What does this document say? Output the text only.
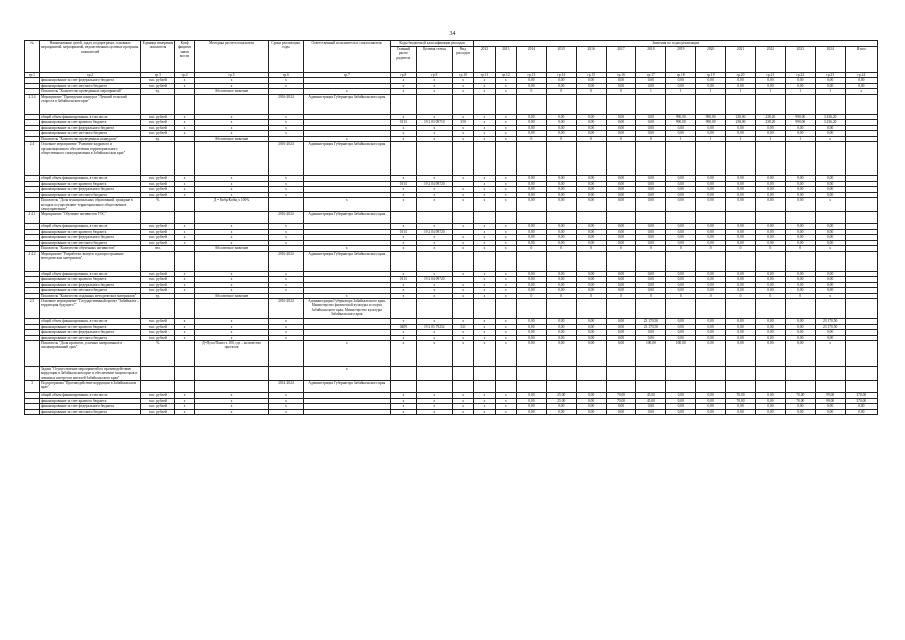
34
№	Наименование целей, задач, подпрограмм, основных мероприятий, мероприятий, ведомственных целевых программ, показателей	Единица измерения показателя	Коэф фициент значи мости	Методика расчета показателя	Сроки реализации, годы	Ответственный исполнитель и соисполнитель	Коды бюджетной классификации расходов			Значения по годам реализации													
							Главный распо рядитель	Целевая статья	Вид расходов	2012	2013	2014	2015	2016	2017	2018	2019	2020	2021	2022	2023	2024	Итого

гр.1	гр.2	гр.3	гр.4	гр.5	гр.6	гр.7	гр.8	гр.9	гр.10	гр.11	гр.12	гр.13	гр.14	гр.15	гр.16	гр.17	гр.18	гр.19	гр.20	гр.21	гр.22	гр.23	гр.24
	финансирование за счет федерального бюджета	тыс. рублей	х	х	х		х	х	х	х	х	0,00	0,00	0,00	0,00	0,00	0,00	0,00	0,00	0,00	0,00	0,00	0,00
	финансирование за счет местного бюджета	тыс. рублей	х	х	х		х	х	х	х	х	0,00	0,00	0,00	0,00	0,00	0,00	0,00	0,00	0,00	0,00	0,00	0,00
	Показатель "Количество проведенных мероприятий"	ед.		Абсолютное значение		х	х	х	х	х	х	0	0	0	0	1	1	1	1	1	1	1	х
2.3.4	Мероприятие "Проведение конкурса "Лучший сельский староста в Забайкальском крае"				2016-2024	Администрация Губернатора Забайкальского края																	
	общий объем финансирования, в том числе	тыс. рублей	х	х	х		х	х	х	х	х	0,00	0,00	0,00	0,00	0,00	990,00	990,00	238,00	238,20	990,00	3 436,20	
	финансирование за счет краевого бюджета	тыс. рублей	х	х	х		0113	19 2 03 09710	350	х	х	0,00	0,00	0,00	0,00	0,00	990,00	990,00	238,00	238,20	990,00	3 436,20	
	финансирование за счет федерального бюджета	тыс. рублей	х	х	х		х	х	х	х	х	0,00	0,00	0,00	0,00	0,00	0,00	0,00	0,00	0,00	0,00	0,00	
	финансирование за счет местного бюджета	тыс. рублей	х	х	х		х	х	х	х	х	0,00	0,00	0,00	0,00	0,00	0,00	0,00	0,00	0,00	0,00	0,00	
	Показатель "Количество проведенных конкурсов"	ед.		Абсолютное значение		х	х	х	х	х	х	0	0	0	0	0	1	1	1	1	1	х	
2.4	Основное мероприятие "Развитие кадрового и организационного обеспечения территориального общественного самоуправления в Забайкальском крае"				2016-2024	Администрация Губернатора Забайкальского края																	
	общий объем финансирования, в том числе	тыс. рублей	х	х	х		х	х	х	х	х	0,00	0,00	0,00	0,00	0,00	0,00	0,00	0,00	0,00	0,00	0,00	
	финансирование за счет краевого бюджета	тыс. рублей	х	х	х		0113	19 2 04 09720		х	х	0,00	0,00	0,00	0,00	0,00	0,00	0,00	0,00	0,00	0,00	0,00	
	финансирование за счет федерального бюджета	тыс. рублей	х	х	х		х	х	х	х	х	0,00	0,00	0,00	0,00	0,00	0,00	0,00	0,00	0,00	0,00	0,00	
	финансирование за счет местного бюджета	тыс. рублей	х	х	х		х	х	х	х	х	0,00	0,00	0,00	0,00	0,00	0,00	0,00	0,00	0,00	0,00	0,00	
	Показатель "Доля муниципальных образований, граждане в которых осуществляют территориальное общественное самоуправление"	%		Д = Кобр/Кобщ х 100%		х	х	х	х	х	х	0,00	0,00	0,00	0,00	0,00	0,00	0,00	0,00	0,00	0,00	х	
2.4.1	Мероприятие "Обучение активистов ТОС"				2016-2024	Администрация Губернатора Забайкальского края																	
	общий объем финансирования, в том числе	тыс. рублей	х	х	х		х	х	х	х	х	0,00	0,00	0,00	0,00	0,00	0,00	0,00	0,00	0,00	0,00	0,00	
	финансирование за счет краевого бюджета	тыс. рублей	х	х	х		0113	19 2 04 09720		х	х	0,00	0,00	0,00	0,00	0,00	0,00	0,00	0,00	0,00	0,00	0,00	
	финансирование за счет федерального бюджета	тыс. рублей	х	х	х		х	х	х	х	х	0,00	0,00	0,00	0,00	0,00	0,00	0,00	0,00	0,00	0,00	0,00	
	финансирование за счет местного бюджета	тыс. рублей	х	х	х		х	х	х	х	х	0,00	0,00	0,00	0,00	0,00	0,00	0,00	0,00	0,00	0,00	0,00	
	Показатель "Количество обученных активистов"	чел.		Абсолютное значение		х	х	х	х	х	х	0	0	0	0	0	0	0	0	0	0	х	
2.4.2	Мероприятие "Разработка, выпуск и распространение методических материалов"				2016-2024	Администрация Губернатора Забайкальского края																	
	общий объем финансирования, в том числе	тыс. рублей	х	х	х		х	х	х	х	х	0,00	0,00	0,00	0,00	0,00	0,00	0,00	0,00	0,00	0,00	0,00	
	финансирование за счет краевого бюджета	тыс. рублей	х	х	х		0113	19 2 04 09720		х	х	0,00	0,00	0,00	0,00	0,00	0,00	0,00	0,00	0,00	0,00	0,00	
	финансирование за счет федерального бюджета	тыс. рублей	х	х	х		х	х	х	х	х	0,00	0,00	0,00	0,00	0,00	0,00	0,00	0,00	0,00	0,00	0,00	
	финансирование за счет местного бюджета	тыс. рублей	х	х	х		х	х	х	х	х	0,00	0,00	0,00	0,00	0,00	0,00	0,00	0,00	0,00	0,00	0,00	
	Показатель "Количество изданных методических материалов"	ед.		Абсолютное значение		х	х	х	х	х	х	0	0	0	0	0	0	0	0	0	0	х	
2.5	Основное мероприятие "Государственный проект "Забайкалье – территория будущего""				2016-2024	Администрация Губернатора Забайкальского края, Министерство физической культуры и спорта Забайкальского края, Министерство культуры Забайкальского края																	
	общий объем финансирования, в том числе	тыс. рублей	х	х	х		х	х	х	х	х	0,00	0,00	0,00	0,00	23 170,50	0,00	0,00	0,00	0,00	0,00	23 170,50	
	финансирование за счет краевого бюджета	тыс. рублей	х	х	х		0409	19 2 05 79252	521	х	х	0,00	0,00	0,00	0,00	23 170,50	0,00	0,00	0,00	0,00	0,00	23 170,50	
	финансирование за счет федерального бюджета	тыс. рублей	х	х	х		х	х	х	х	х	0,00	0,00	0,00	0,00	0,00	0,00	0,00	0,00	0,00	0,00	0,00	
	финансирование за счет местного бюджета	тыс. рублей	х	х	х		х	х	х	х	х	0,00	0,00	0,00	0,00	0,00	0,00	0,00	0,00	0,00	0,00	0,00	
	Показатель "Доля проектов, успешно завершенных в запланированный срок"	%		Д=Пусп/Пзапл х 100, где – количество проектов		х	х	х	х	х	х	0,00	0,00	0,00	0,00	100,00	100,00	0,00	0,00	0,00	0,00	х	
	Задача "Осуществление мероприятий по противодействию коррупции в Забайкальском крае и обеспечение защиты прав и законных интересов жителей Забайкальского края"					х																	
3	Подпрограмма "Противодействие коррупции в Забайкальском крае"				2014-2024	Администрация Губернатора Забайкальского края																	
	общий объем финансирования, в том числе	тыс. рублей	х	х	х		х	х	х	х	х	0,00	25,00	0,00	70,00	45,00	0,00	0,00	70,00	0,00	70,00	99,00	370,00
	финансирование за счет краевого бюджета	тыс. рублей	х	х	х		х	х	х	х	х	0,00	25,00	0,00	70,00	45,00	0,00	0,00	70,00	0,00	70,00	99,00	370,00
	финансирование за счет федерального бюджета	тыс. рублей	х	х	х		х	х	х	х	х	0,00	0,00	0,00	0,00	0,00	0,00	0,00	0,00	0,00	0,00	0,00	0,00
	финансирование за счет местного бюджета	тыс. рублей	х	х	х		х	х	х	х	х	0,00	0,00	0,00	0,00	0,00	0,00	0,00	0,00	0,00	0,00	0,00	0,00
